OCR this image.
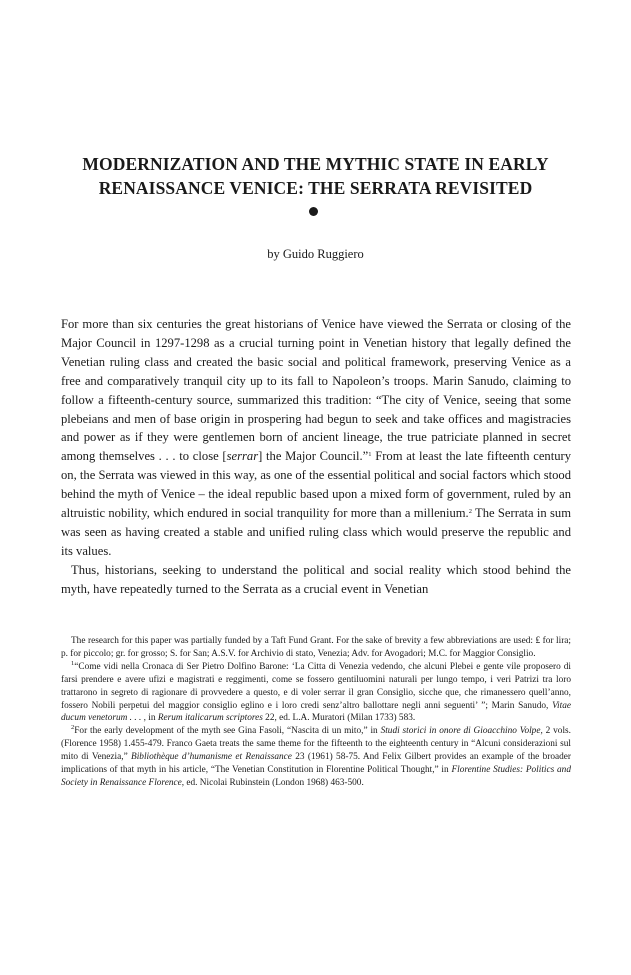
MODERNIZATION AND THE MYTHIC STATE IN EARLY
RENAISSANCE VENICE: THE SERRATA REVISITED

by Guido Ruggiero

For more than six centuries the great historians of Venice have viewed the Serrata or closing of the Major Council in 1297-1298 as a crucial turning point in Venetian history that legally defined the Venetian ruling class and created the basic social and political framework, preserving Venice as a free and comparatively tranquil city up to its fall to Napoleon’s troops. Marin Sanudo, claiming to follow a fifteenth-century source, summarized this tradition: “The city of Venice, seeing that some plebeians and men of base origin in prospering had begun to seek and take offices and magistracies and power as if they were gentlemen born of ancient lineage, the true patriciate planned in secret among themselves . . . to close [serrar] the Major Council.”$^1$ From at least the late fifteenth century on, the Serrata was viewed in this way, as one of the essential political and social factors which stood behind the myth of Venice – the ideal republic based upon a mixed form of government, ruled by an altruistic nobility, which endured in social tranquility for more than a millenium.$^2$ The Serrata in sum was seen as having created a stable and unified ruling class which would preserve the republic and its values.

Thus, historians, seeking to understand the political and social reality which stood behind the myth, have repeatedly turned to the Serrata as a crucial event in Venetian

The research for this paper was partially funded by a Taft Fund Grant. For the sake of brevity a few abbreviations are used: ₤ for lira; p. for piccolo; gr. for grosso; S. for San; A.S.V. for Archivio di stato, Venezia; Adv. for Avogadori; M.C. for Maggior Consiglio.

$^1$“Come vidi nella Cronaca di Ser Pietro Dolfino Barone: ‘La Citta di Venezia vedendo, che alcuni Plebei e gente vile proposero di farsi prendere e avere ufizi e magistrati e reggimenti, come se fossero gentiluomini naturali per lungo tempo, i veri Patrizi tra loro trattarono in segreto di ragionare di provvedere a questo, e di voler serrar il gran Consiglio, sicche que, che rimanessero quell’anno, fossero Nobili perpetui del maggior consiglio eglino e i loro credi senz’altro ballottare negli anni seguenti’ ”; Marin Sanudo, Vitae ducum venetorum . . . , in Rerum italicarum scriptores 22, ed. L.A. Muratori (Milan 1733) 583.

$^2$For the early development of the myth see Gina Fasoli, “Nascita di un mito,” in Studi storici in onore di Gioacchino Volpe, 2 vols. (Florence 1958) 1.455-479. Franco Gaeta treats the same theme for the fifteenth to the eighteenth century in “Alcuni considerazioni sul mito di Venezia,” Bibliothèque d’humanisme et Renaissance 23 (1961) 58-75. And Felix Gilbert provides an example of the broader implications of that myth in his article, “The Venetian Constitution in Florentine Political Thought,” in Florentine Studies: Politics and Society in Renaissance Florence, ed. Nicolai Rubinstein (London 1968) 463-500.
